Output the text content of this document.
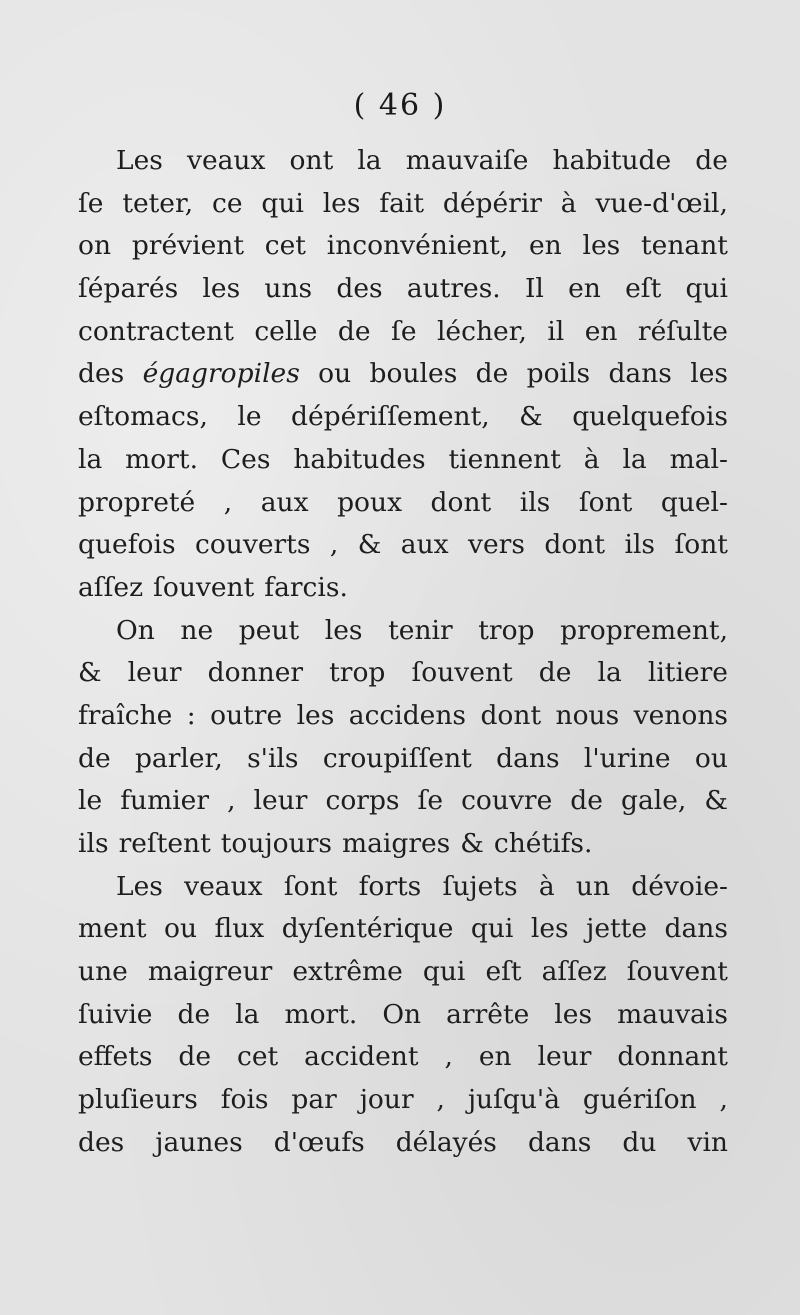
( 46 )
Les veaux ont la mauvaiſe habitude de
ſe teter, ce qui les fait dépérir à vue-d'œil,
on prévient cet inconvénient, en les tenant
ſéparés les uns des autres. Il en eſt qui
contractent celle de ſe lécher, il en réſulte
des égagropiles ou boules de poils dans les
eſtomacs, le dépériſſement, & quelquefois
la mort. Ces habitudes tiennent à la mal-
propreté , aux poux dont ils ſont quel-
quefois couverts , & aux vers dont ils ſont
aſſez ſouvent farcis.
On ne peut les tenir trop proprement,
& leur donner trop ſouvent de la litiere
fraîche : outre les accidens dont nous venons
de parler, s'ils croupiſſent dans l'urine ou
le fumier , leur corps ſe couvre de gale, &
ils reſtent toujours maigres & chétifs.
Les veaux ſont forts ſujets à un dévoie-
ment ou flux dyſentérique qui les jette dans
une maigreur extrême qui eſt aſſez ſouvent
ſuivie de la mort. On arrête les mauvais
effets de cet accident , en leur donnant
pluſieurs fois par jour , juſqu'à guériſon ,
des jaunes d'œufs délayés dans du vin
